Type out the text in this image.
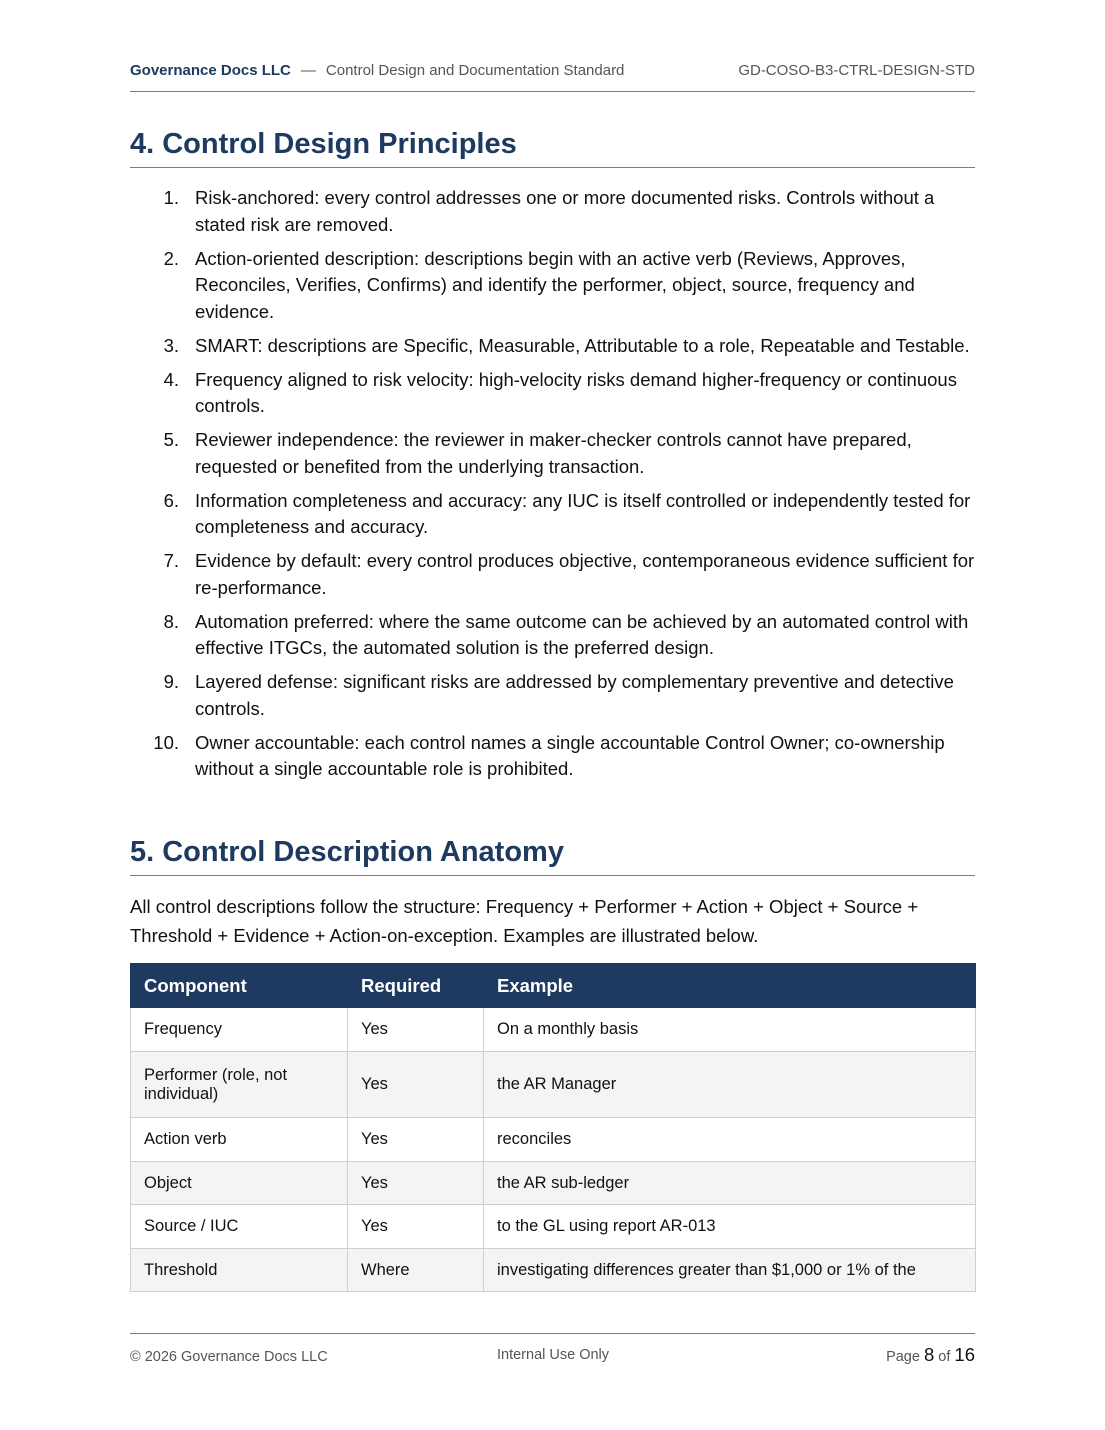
Governance Docs LLC — Control Design and Documentation Standard	GD-COSO-B3-CTRL-DESIGN-STD
4. Control Design Principles
1. Risk-anchored: every control addresses one or more documented risks. Controls without a stated risk are removed.
2. Action-oriented description: descriptions begin with an active verb (Reviews, Approves, Reconciles, Verifies, Confirms) and identify the performer, object, source, frequency and evidence.
3. SMART: descriptions are Specific, Measurable, Attributable to a role, Repeatable and Testable.
4. Frequency aligned to risk velocity: high-velocity risks demand higher-frequency or continuous controls.
5. Reviewer independence: the reviewer in maker-checker controls cannot have prepared, requested or benefited from the underlying transaction.
6. Information completeness and accuracy: any IUC is itself controlled or independently tested for completeness and accuracy.
7. Evidence by default: every control produces objective, contemporaneous evidence sufficient for re-performance.
8. Automation preferred: where the same outcome can be achieved by an automated control with effective ITGCs, the automated solution is the preferred design.
9. Layered defense: significant risks are addressed by complementary preventive and detective controls.
10. Owner accountable: each control names a single accountable Control Owner; co-ownership without a single accountable role is prohibited.
5. Control Description Anatomy

All control descriptions follow the structure: Frequency + Performer + Action + Object + Source + Threshold + Evidence + Action-on-exception. Examples are illustrated below.

Component	Required	Example
Frequency	Yes	On a monthly basis
Performer (role, not individual)	Yes	the AR Manager
Action verb	Yes	reconciles
Object	Yes	the AR sub-ledger
Source / IUC	Yes	to the GL using report AR-013
Threshold	Where	investigating differences greater than $1,000 or 1% of the
© 2026 Governance Docs LLC	Internal Use Only	Page 8 of 16
